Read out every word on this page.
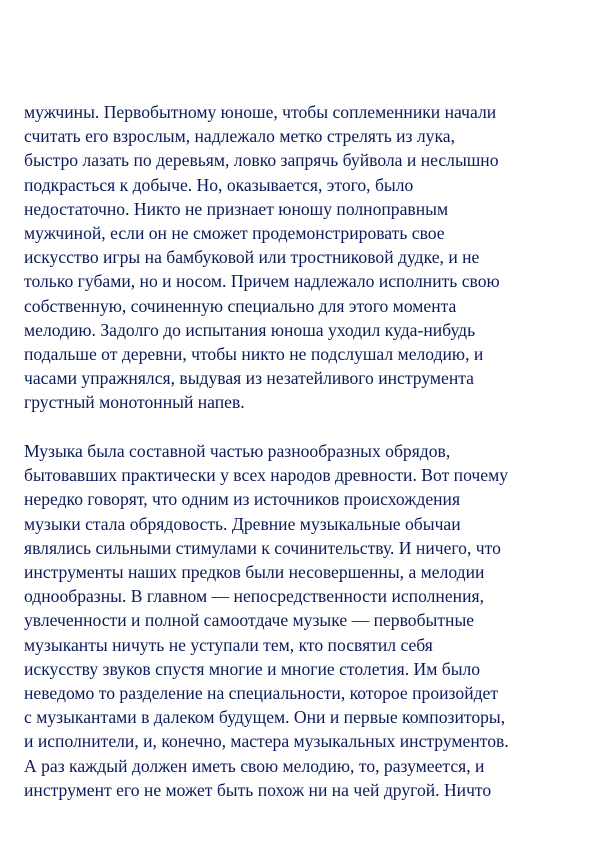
мужчины. Первобытному юноше, чтобы соплеменники начали
считать его взрослым, надлежало метко стрелять из лука,
быстро лазать по деревьям, ловко запрячь буйвола и неслышно
подкрасться к добыче. Но, оказывается, этого, было
недостаточно. Никто не признает юношу полноправным
мужчиной, если он не сможет продемонстрировать свое
искусство игры на бамбуковой или тростниковой дудке, и не
только губами, но и носом. Причем надлежало исполнить свою
собственную, сочиненную специально для этого момента
мелодию. Задолго до испытания юноша уходил куда-нибудь
подальше от деревни, чтобы никто не подслушал мелодию, и
часами упражнялся, выдувая из незатейливого инструмента
грустный монотонный напев.
Музыка была составной частью разнообразных обрядов,
бытовавших практически у всех народов древности. Вот почему
нередко говорят, что одним из источников происхождения
музыки стала обрядовость. Древние музыкальные обычаи
являлись сильными стимулами к сочинительству. И ничего, что
инструменты наших предков были несовершенны, а мелодии
однообразны. В главном — непосредственности исполнения,
увлеченности и полной самоотдаче музыке — первобытные
музыканты ничуть не уступали тем, кто посвятил себя
искусству звуков спустя многие и многие столетия. Им было
неведомо то разделение на специальности, которое произойдет
с музыкантами в далеком будущем. Они и первые композиторы,
и исполнители, и, конечно, мастера музыкальных инструментов.
А раз каждый должен иметь свою мелодию, то, разумеется, и
инструмент его не может быть похож ни на чей другой. Ничто
